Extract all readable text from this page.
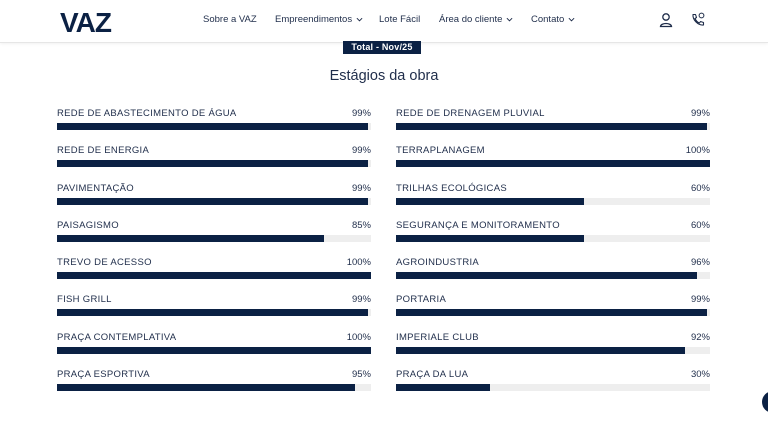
VAZ	Sobre a VAZ Empreendimentos	Lote Fácil Área do cliente	Contato
Total - Nov/25
Estágios da obra
REDE DE ABASTECIMENTO DE ÁGUA	99%
REDE DE ENERGIA	99%
PAVIMENTAÇÃO	99%
PAISAGISMO	85%
TREVO DE ACESSO	100%
FISH GRILL	99%
PRAÇA CONTEMPLATIVA	100%
PRAÇA ESPORTIVA	95%
REDE DE DRENAGEM PLUVIAL	99%
TERRAPLANAGEM	100%
TRILHAS ECOLÓGICAS	60%
SEGURANÇA E MONITORAMENTO	60%
AGROINDUSTRIA	96%
PORTARIA	99%
IMPERIALE CLUB	92%
PRAÇA DA LUA	30%
